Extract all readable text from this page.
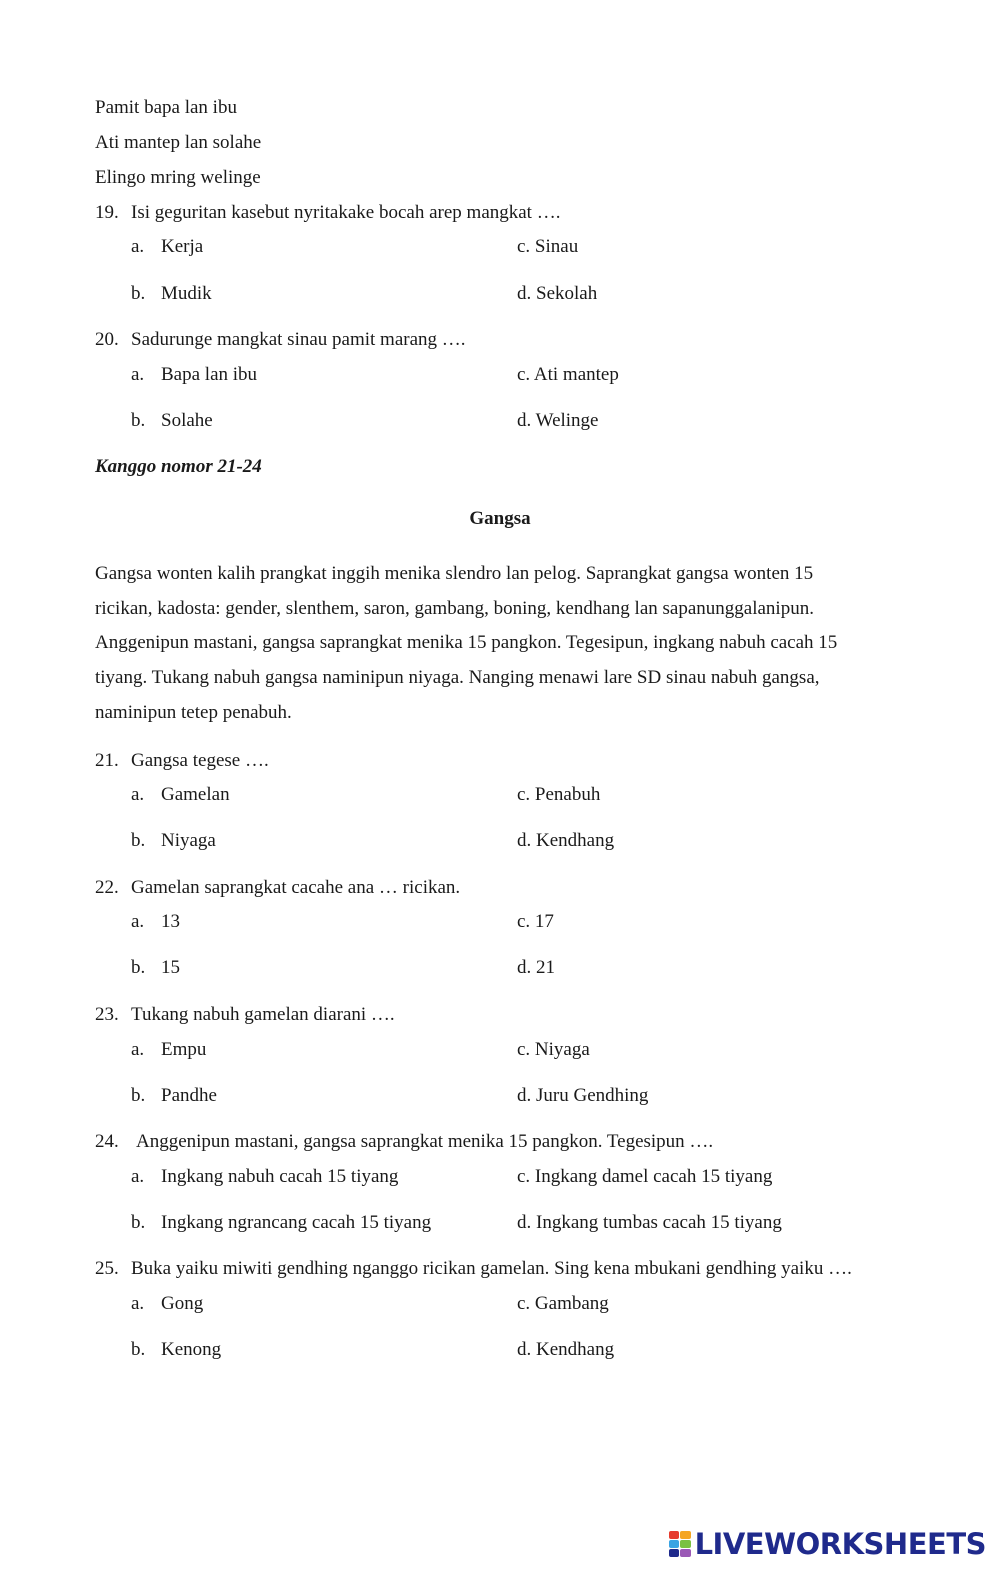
Pamit bapa lan ibu
Ati mantep lan solahe
Elingo mring welinge
19. Isi geguritan kasebut nyritakake bocah arep mangkat ….
a. Kerja	c. Sinau
b. Mudik	d. Sekolah
20. Sadurunge mangkat sinau pamit marang ….
a. Bapa lan ibu	c. Ati mantep
b. Solahe	d. Welinge
Kanggo nomor 21-24
Gangsa

Gangsa wonten kalih prangkat inggih menika slendro lan pelog. Saprangkat gangsa wonten 15

ricikan, kadosta: gender, slenthem, saron, gambang, boning, kendhang lan sapanunggalanipun.

Anggenipun mastani, gangsa saprangkat menika 15 pangkon. Tegesipun, ingkang nabuh cacah 15

tiyang. Tukang nabuh gangsa naminipun niyaga. Nanging menawi lare SD sinau nabuh gangsa,

naminipun tetep penabuh.

21. Gangsa tegese ….
a. Gamelan	c. Penabuh
b. Niyaga	d. Kendhang
22. Gamelan saprangkat cacahe ana … ricikan.
a. 13	c. 17
b. 15	d. 21
23. Tukang nabuh gamelan diarani ….
a. Empu	c. Niyaga
b. Pandhe	d. Juru Gendhing
24. Anggenipun mastani, gangsa saprangkat menika 15 pangkon. Tegesipun ….
a. Ingkang nabuh cacah 15 tiyang	c. Ingkang damel cacah 15 tiyang
b. Ingkang ngrancang cacah 15 tiyang	d. Ingkang tumbas cacah 15 tiyang
25. Buka yaiku miwiti gendhing nganggo ricikan gamelan. Sing kena mbukani gendhing yaiku ….
a. Gong	c. Gambang
b. Kenong	d. Kendhang
LIVEWORKSHEETS
